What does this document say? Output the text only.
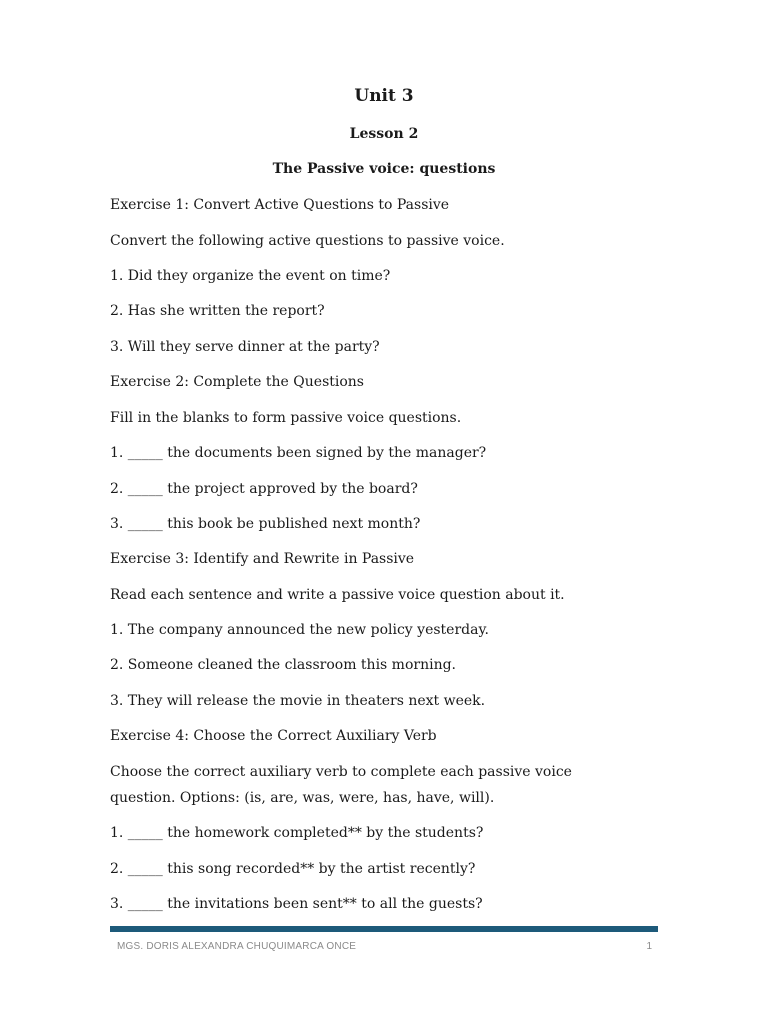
Unit 3
Lesson 2
The Passive voice: questions
Exercise 1: Convert Active Questions to Passive
Convert the following active questions to passive voice.
1. Did they organize the event on time?
2. Has she written the report?
3. Will they serve dinner at the party?
Exercise 2: Complete the Questions
Fill in the blanks to form passive voice questions.
1. _____ the documents been signed by the manager?
2. _____ the project approved by the board?
3. _____ this book be published next month?
Exercise 3: Identify and Rewrite in Passive
Read each sentence and write a passive voice question about it.
1. The company announced the new policy yesterday.
2. Someone cleaned the classroom this morning.
3. They will release the movie in theaters next week.
Exercise 4: Choose the Correct Auxiliary Verb
Choose the correct auxiliary verb to complete each passive voice question. Options: (is, are, was, were, has, have, will).
1. _____ the homework completed** by the students?
2. _____ this song recorded** by the artist recently?
3. _____ the invitations been sent** to all the guests?
MGS. DORIS ALEXANDRA CHUQUIMARCA ONCE	1
